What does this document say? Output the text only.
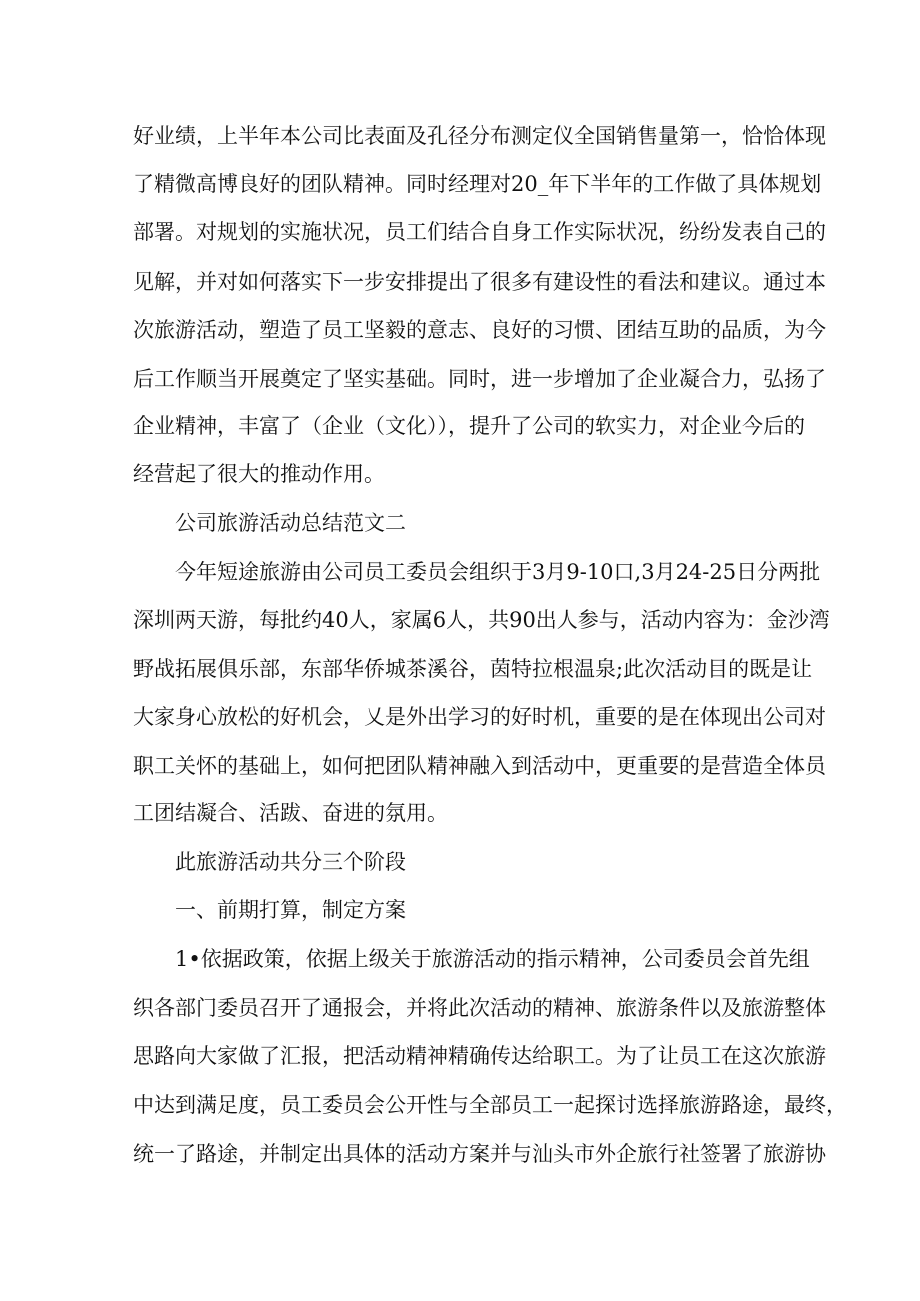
好业绩，上半年本公司比表面及孔径分布测定仪全国销售量第一，恰恰体现
了精微高博良好的团队精神。同时经理对20_年下半年的工作做了具体规划
部署。对规划的实施状况，员工们结合自身工作实际状况，纷纷发表自己的
见解，并对如何落实下一步安排提出了很多有建设性的看法和建议。通过本
次旅游活动，塑造了员工坚毅的意志、良好的习惯、团结互助的品质，为今
后工作顺当开展奠定了坚实基础。同时，进一步增加了企业凝合力，弘扬了
企业精神，丰富了（企业（文化）），提升了公司的软实力，对企业今后的
经营起了很大的推动作用。
公司旅游活动总结范文二
今年短途旅游由公司员工委员会组织于3月9-10口,3月24-25日分两批
深圳两天游，每批约40人，家属6人，共90出人参与，活动内容为：金沙湾
野战拓展俱乐部，东部华侨城茶溪谷，茵特拉根温泉;此次活动目的既是让
大家身心放松的好机会，乂是外出学习的好时机，重要的是在体现出公司对
职工关怀的基础上，如何把团队精神融入到活动中，更重要的是营造全体员
工团结凝合、活跋、奋进的氛用。
此旅游活动共分三个阶段
一、前期打算，制定方案
1•依据政策，依据上级关于旅游活动的指示精神，公司委员会首先组
织各部门委员召开了通报会，并将此次活动的精神、旅游条件以及旅游整体
思路向大家做了汇报，把活动精神精确传达给职工。为了让员工在这次旅游
中达到满足度，员工委员会公开性与全部员工一起探讨选择旅游路途，最终，
统一了路途，并制定出具体的活动方案并与汕头市外企旅行社签署了旅游协
